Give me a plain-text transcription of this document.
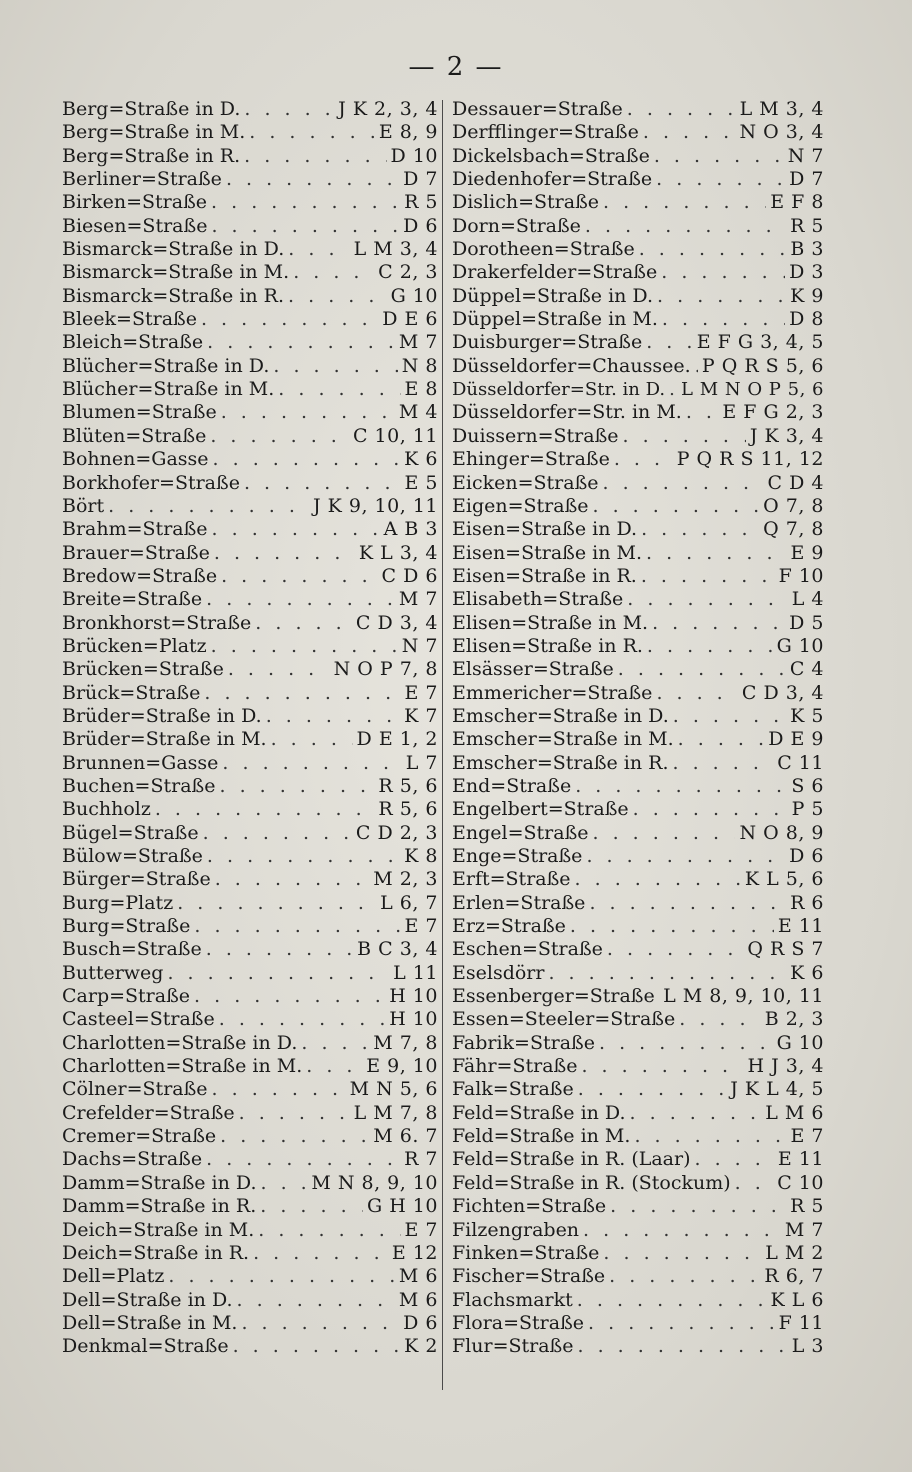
— 2 —
Berg=Straße in D. . . .	J K 2, 3, 4
Berg=Straße in M. . . .	E 8, 9
Berg=Straße in R. . . .	D 10
Berliner=Straße . . .	D 7
Birken=Straße . . .	R 5
Biesen=Straße . . .	D 6
Bismarck=Straße in D. . . .	L M 3, 4
Bismarck=Straße in M. . . .	C 2, 3
Bismarck=Straße in R. . . .	G 10
Bleek=Straße . . .	D E 6
Bleich=Straße . . .	M 7
Blücher=Straße in D. . . .	N 8
Blücher=Straße in M. . . .	E 8
Blumen=Straße . . .	M 4
Blüten=Straße . . .	C 10, 11
Bohnen=Gasse . . .	K 6
Borkhofer=Straße . . .	E 5
Bört . . .	J K 9, 10, 11
Brahm=Straße . . .	A B 3
Brauer=Straße . . .	K L 3, 4
Bredow=Straße . . .	C D 6
Breite=Straße . . .	M 7
Bronkhorst=Straße . . .	C D 3, 4
Brücken=Platz . . .	N 7
Brücken=Straße . . .	N O P 7, 8
Brück=Straße . . .	E 7
Brüder=Straße in D. . . .	K 7
Brüder=Straße in M. . . .	D E 1, 2
Brunnen=Gasse . . .	L 7
Buchen=Straße . . .	R 5, 6
Buchholz . . .	R 5, 6
Bügel=Straße . . .	C D 2, 3
Bülow=Straße . . .	K 8
Bürger=Straße . . .	M 2, 3
Burg=Platz . . .	L 6, 7
Burg=Straße . . .	E 7
Busch=Straße . . .	B C 3, 4
Butterweg . . .	L 11
Carp=Straße . . .	H 10
Casteel=Straße . . .	H 10
Charlotten=Straße in D. . . .	M 7, 8
Charlotten=Straße in M. . . .	E 9, 10
Cölner=Straße . . .	M N 5, 6
Crefelder=Straße . . .	L M 7, 8
Cremer=Straße . . .	M 6. 7
Dachs=Straße . . .	R 7
Damm=Straße in D. . . .	M N 8, 9, 10
Damm=Straße in R. . . .	G H 10
Deich=Straße in M. . . .	E 7
Deich=Straße in R. . . .	E 12
Dell=Platz . . .	M 6
Dell=Straße in D. . . .	M 6
Dell=Straße in M. . . .	D 6
Denkmal=Straße . . .	K 2
Dessauer=Straße . . .	L M 3, 4
Derfflinger=Straße . . .	N O 3, 4
Dickelsbach=Straße . . .	N 7
Diedenhofer=Straße . . .	D 7
Dislich=Straße . . .	E F 8
Dorn=Straße . . .	R 5
Dorotheen=Straße . . .	B 3
Drakerfelder=Straße . . .	D 3
Düppel=Straße in D. . . .	K 9
Düppel=Straße in M. . . .	D 8
Duisburger=Straße . . .	E F G 3, 4, 5
Düsseldorfer=Chaussee. . . . P Q R S 5, 6
Düsseldorfer=Str. in D. . . . L M N O P 5, 6
Düsseldorfer=Str. in M. . . . E F G 2, 3
Duissern=Straße . . .	J K 3, 4
Ehinger=Straße . . .	P Q R S 11, 12
Eicken=Straße . . .	C D 4
Eigen=Straße . . .	O 7, 8
Eisen=Straße in D. . . .	Q 7, 8
Eisen=Straße in M. . . .	E 9
Eisen=Straße in R. . . .	F 10
Elisabeth=Straße . . .	L 4
Elisen=Straße in M. . . .	D 5
Elisen=Straße in R. . . .	G 10
Elsässer=Straße . . .	C 4
Emmericher=Straße . . .	C D 3, 4
Emscher=Straße in D. . . .	K 5
Emscher=Straße in M. . . .	D E 9
Emscher=Straße in R. . . .	C 11
End=Straße . . .	S 6
Engelbert=Straße . . .	P 5
Engel=Straße . . .	N O 8, 9
Enge=Straße . . .	D 6
Erft=Straße . . .	K L 5, 6
Erlen=Straße . . .	R 6
Erz=Straße . . .	E 11
Eschen=Straße . . .	Q R S 7
Eselsdörr . . .	K 6
Essenberger=Straße . . . L M 8, 9, 10, 11
Essen=Steeler=Straße . . .	B 2, 3
Fabrik=Straße . . .	G 10
Fähr=Straße . . .	H J 3, 4
Falk=Straße . . .	J K L 4, 5
Feld=Straße in D. . . .	L M 6
Feld=Straße in M. . . .	E 7
Feld=Straße in R. (Laar) . . .	E 11
Feld=Straße in R. (Stockum) . . . C 10
Fichten=Straße . . .	R 5
Filzengraben . . .	M 7
Finken=Straße . . .	L M 2
Fischer=Straße . . .	R 6, 7
Flachsmarkt . . .	K L 6
Flora=Straße . . .	F 11
Flur=Straße . . .	L 3
